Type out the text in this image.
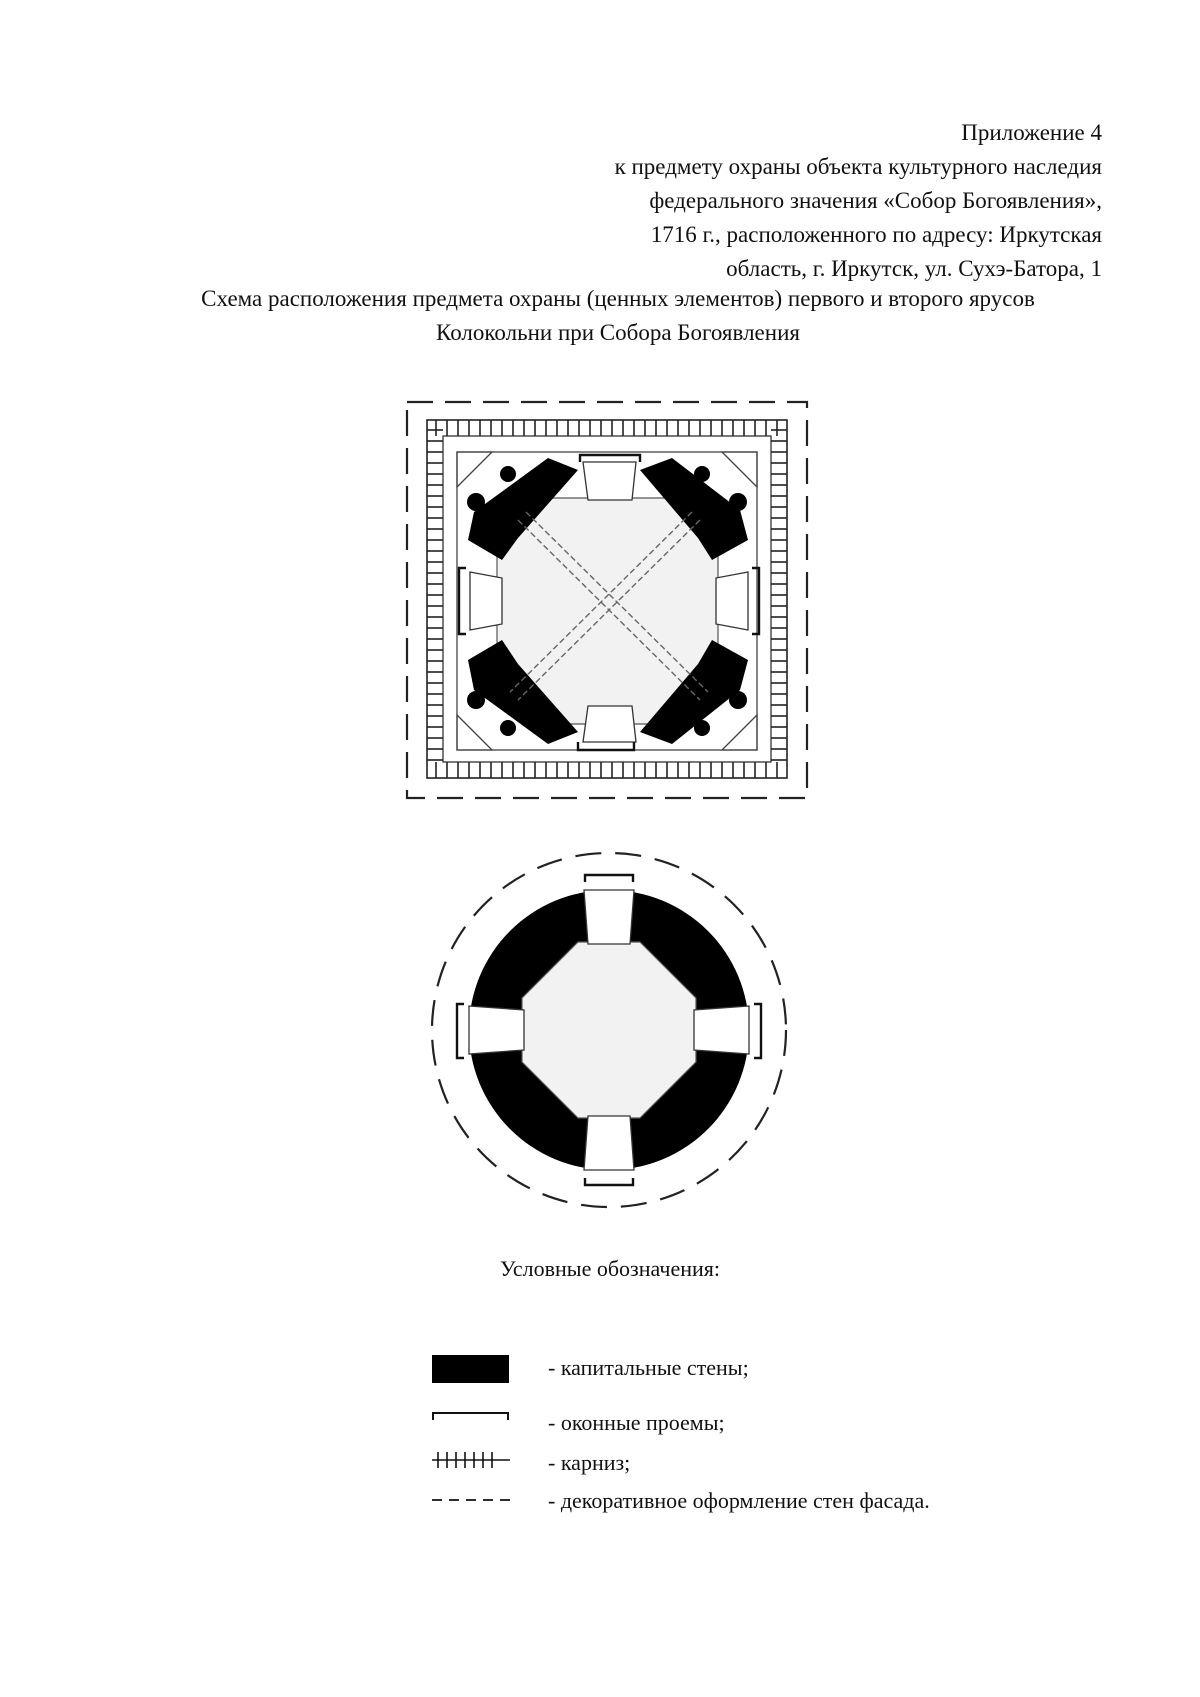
Приложение 4
к предмету охраны объекта культурного наследия
федерального значения «Собор Богоявления»,
1716 г., расположенного по адресу: Иркутская
область, г. Иркутск, ул. Сухэ-Батора, 1
Схема расположения предмета охраны (ценных элементов) первого и второго ярусов
Колокольни при Собора Богоявления
Условные обозначения:
- капитальные стены;
- оконные проемы;
- карниз;
- декоративное оформление стен фасада.
